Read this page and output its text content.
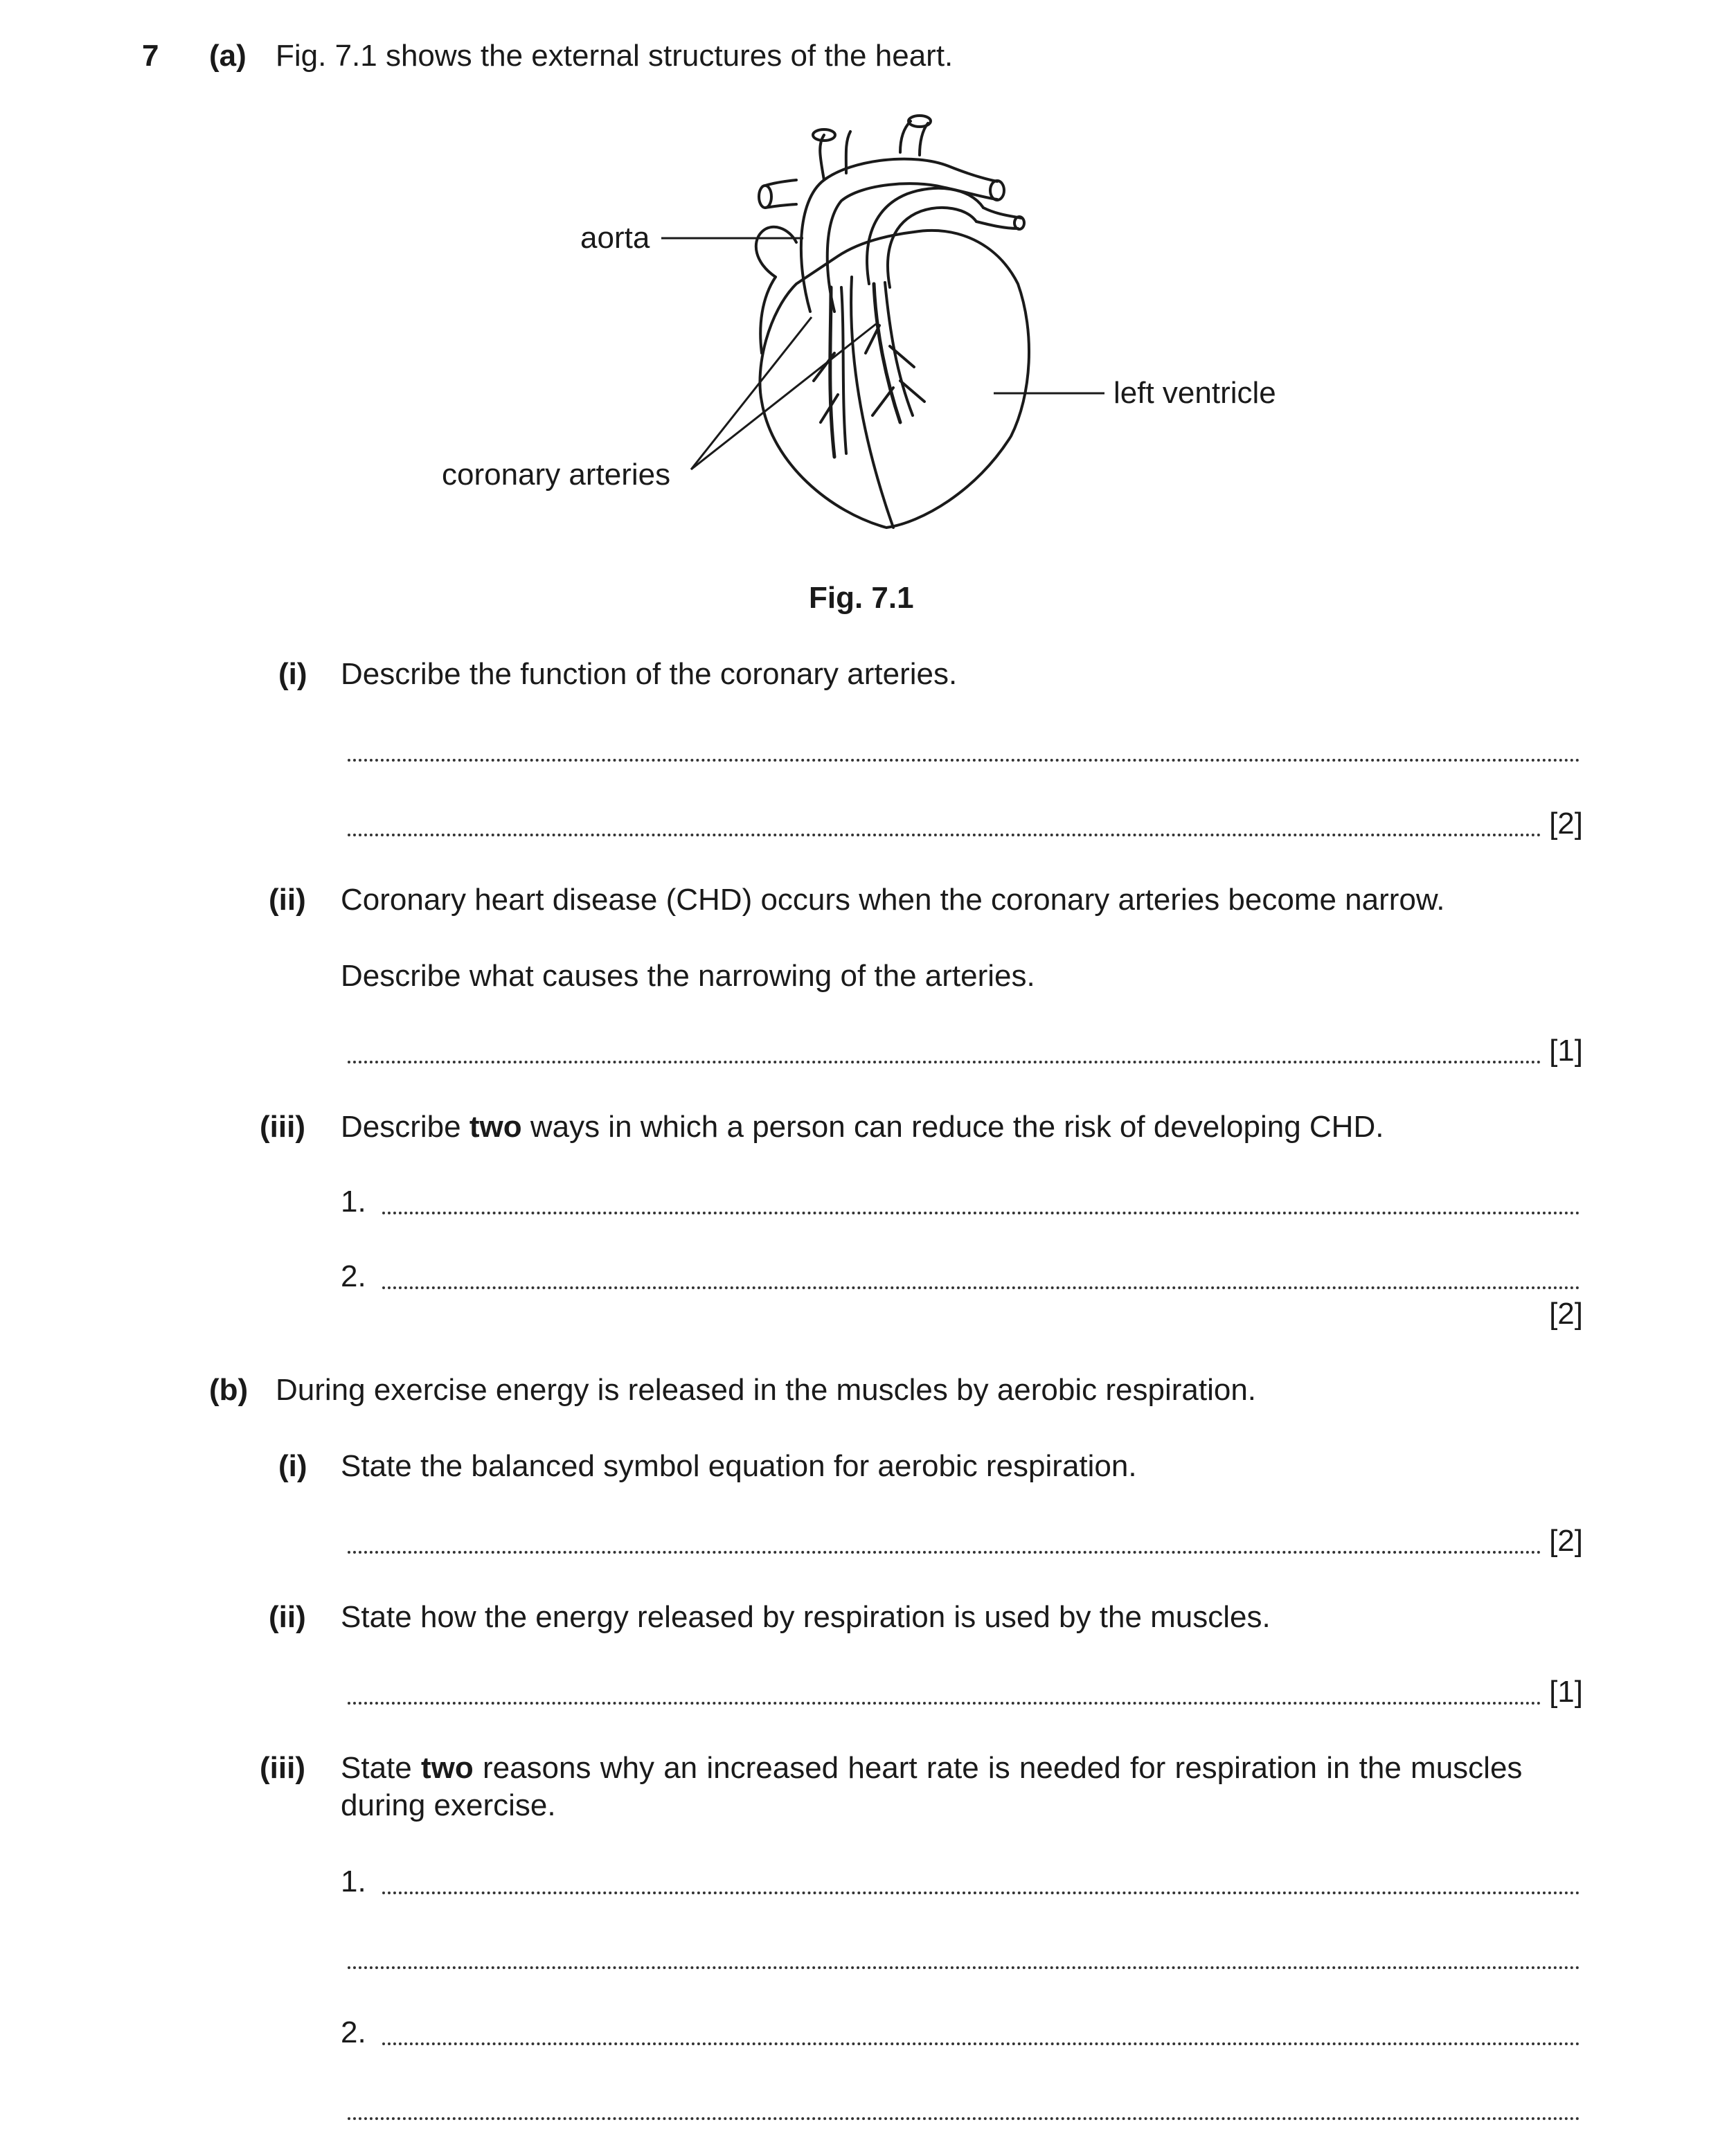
7 (a) Fig. 7.1 shows the external structures of the heart.
aorta
left ventricle
coronary arteries
Fig. 7.1
(i) Describe the function of the coronary arteries.
[2]
(ii) Coronary heart disease (CHD) occurs when the coronary arteries become narrow.
Describe what causes the narrowing of the arteries.
[1]
(iii) Describe two ways in which a person can reduce the risk of developing CHD.
1.
2.
[2]
(b) During exercise energy is released in the muscles by aerobic respiration.
(i) State the balanced symbol equation for aerobic respiration.
[2]
(ii) State how the energy released by respiration is used by the muscles.
[1]
(iii) State two reasons why an increased heart rate is needed for respiration in the muscles
during exercise.
1.
2.
